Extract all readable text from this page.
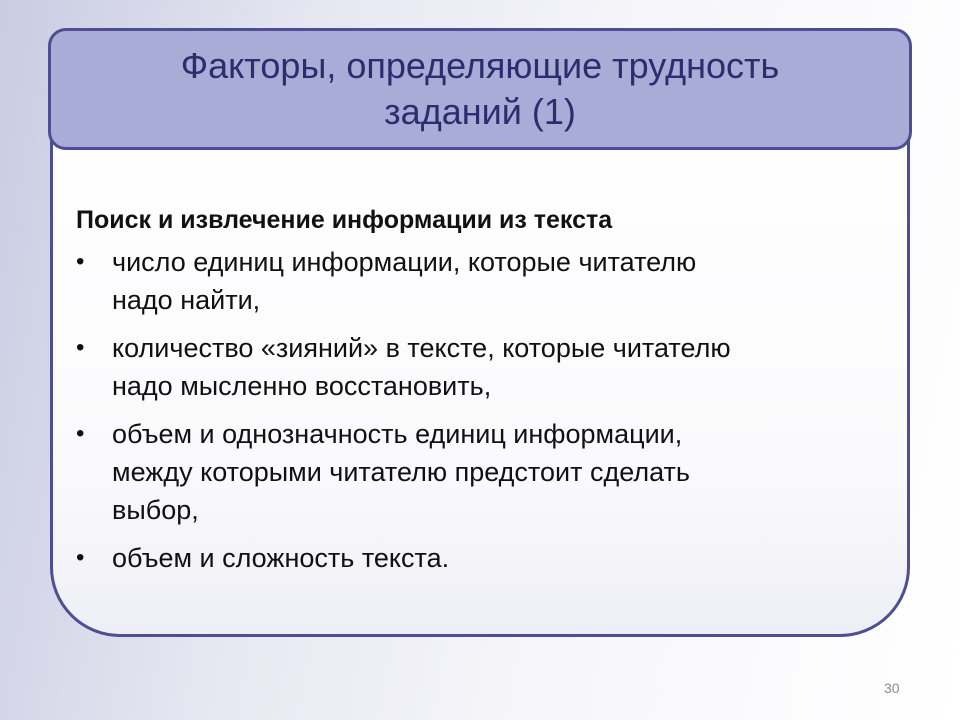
Факторы, определяющие трудность
заданий (1)
Поиск и извлечение информации из текста
•	число единиц информации, которые читателю
надо найти,
•	количество «зияний» в тексте, которые читателю
надо мысленно восстановить,
•	объем и однозначность единиц информации,
между которыми читателю предстоит сделать
выбор,
•	объем и сложность текста.
30
